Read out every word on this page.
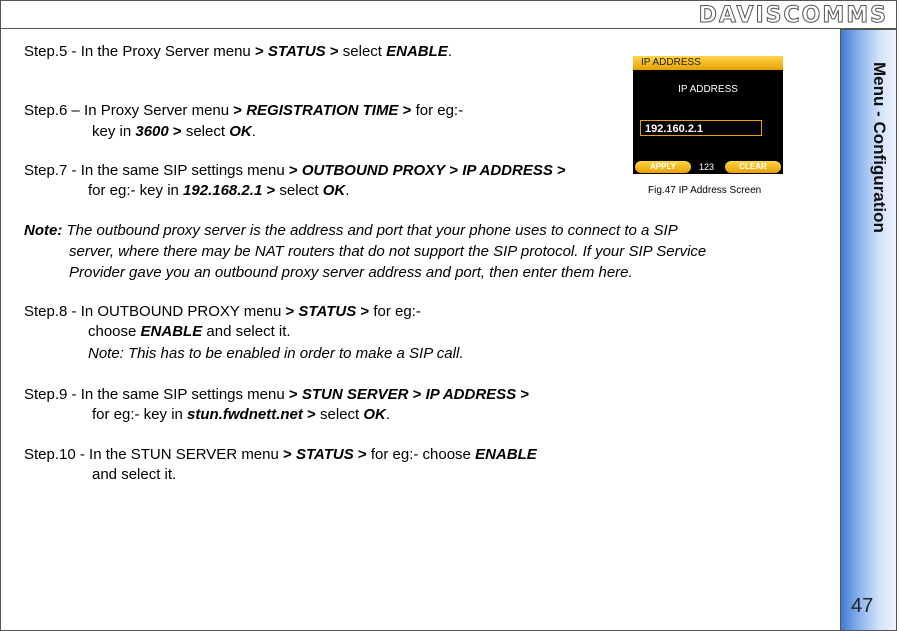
DAVISCOMMS
Menu - Configuration
47
Step.5 - In the Proxy Server menu > STATUS > select ENABLE.
Step.6 – In Proxy Server menu > REGISTRATION TIME > for eg:-
key in 3600 > select OK.
Step.7 - In the same SIP settings menu > OUTBOUND PROXY > IP ADDRESS >
for eg:- key in 192.168.2.1 > select OK.
Note: The outbound proxy server is the address and port that your phone uses to connect to a SIP
server, where there may be NAT routers that do not support the SIP protocol. If your SIP Service
Provider gave you an outbound proxy server address and port, then enter them here.
Step.8 - In OUTBOUND PROXY menu > STATUS > for eg:-
choose ENABLE and select it.
Note: This has to be enabled in order to make a SIP call.
Step.9 - In the same SIP settings menu > STUN SERVER > IP ADDRESS >
for eg:- key in stun.fwdnett.net > select OK.
Step.10 - In the STUN SERVER menu > STATUS > for eg:- choose ENABLE
and select it.
IP ADDRESS
IP ADDRESS
192.160.2.1
APPLY	123	CLEAR
Fig.47 IP Address Screen
